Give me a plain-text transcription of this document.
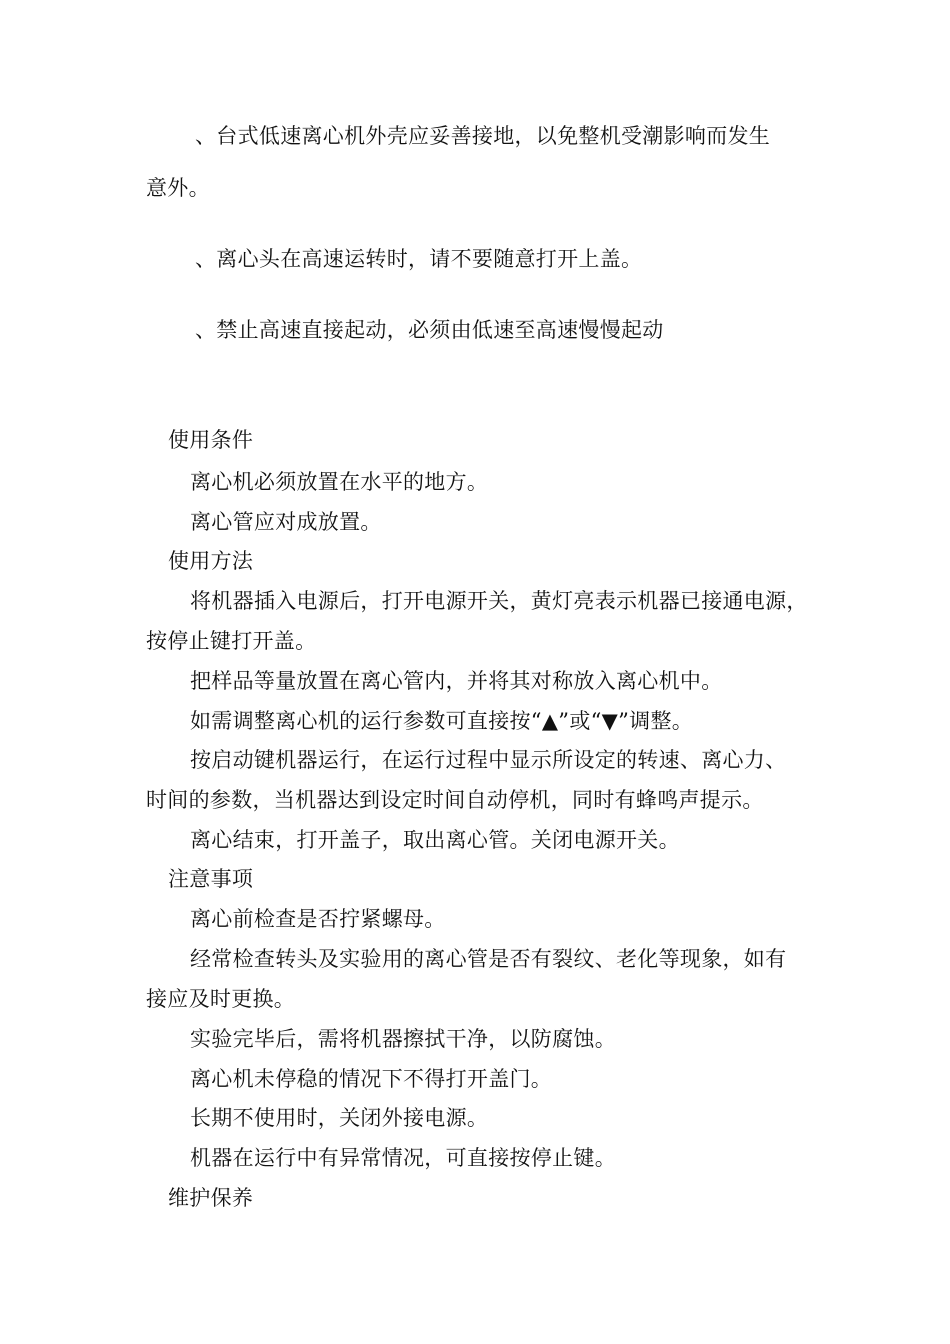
、台式低速离心机外壳应妥善接地，以免整机受潮影响而发生
意外。
、离心头在高速运转时，请不要随意打开上盖。
、禁止高速直接起动，必须由低速至高速慢慢起动
使用条件
离心机必须放置在水平的地方。
离心管应对成放置。
使用方法
将机器插入电源后，打开电源开关，黄灯亮表示机器已接通电源，
按停止键打开盖。
把样品等量放置在离心管内，并将其对称放入离心机中。
如需调整离心机的运行参数可直接按“▲”或“▼”调整。
按启动键机器运行，在运行过程中显示所设定的转速、离心力、
时间的参数，当机器达到设定时间自动停机，同时有蜂鸣声提示。
离心结束，打开盖子，取出离心管。关闭电源开关。
注意事项
离心前检查是否拧紧螺母。
经常检查转头及实验用的离心管是否有裂纹、老化等现象，如有
接应及时更换。
实验完毕后，需将机器擦拭干净，以防腐蚀。
离心机未停稳的情况下不得打开盖门。
长期不使用时，关闭外接电源。
机器在运行中有异常情况，可直接按停止键。
维护保养
